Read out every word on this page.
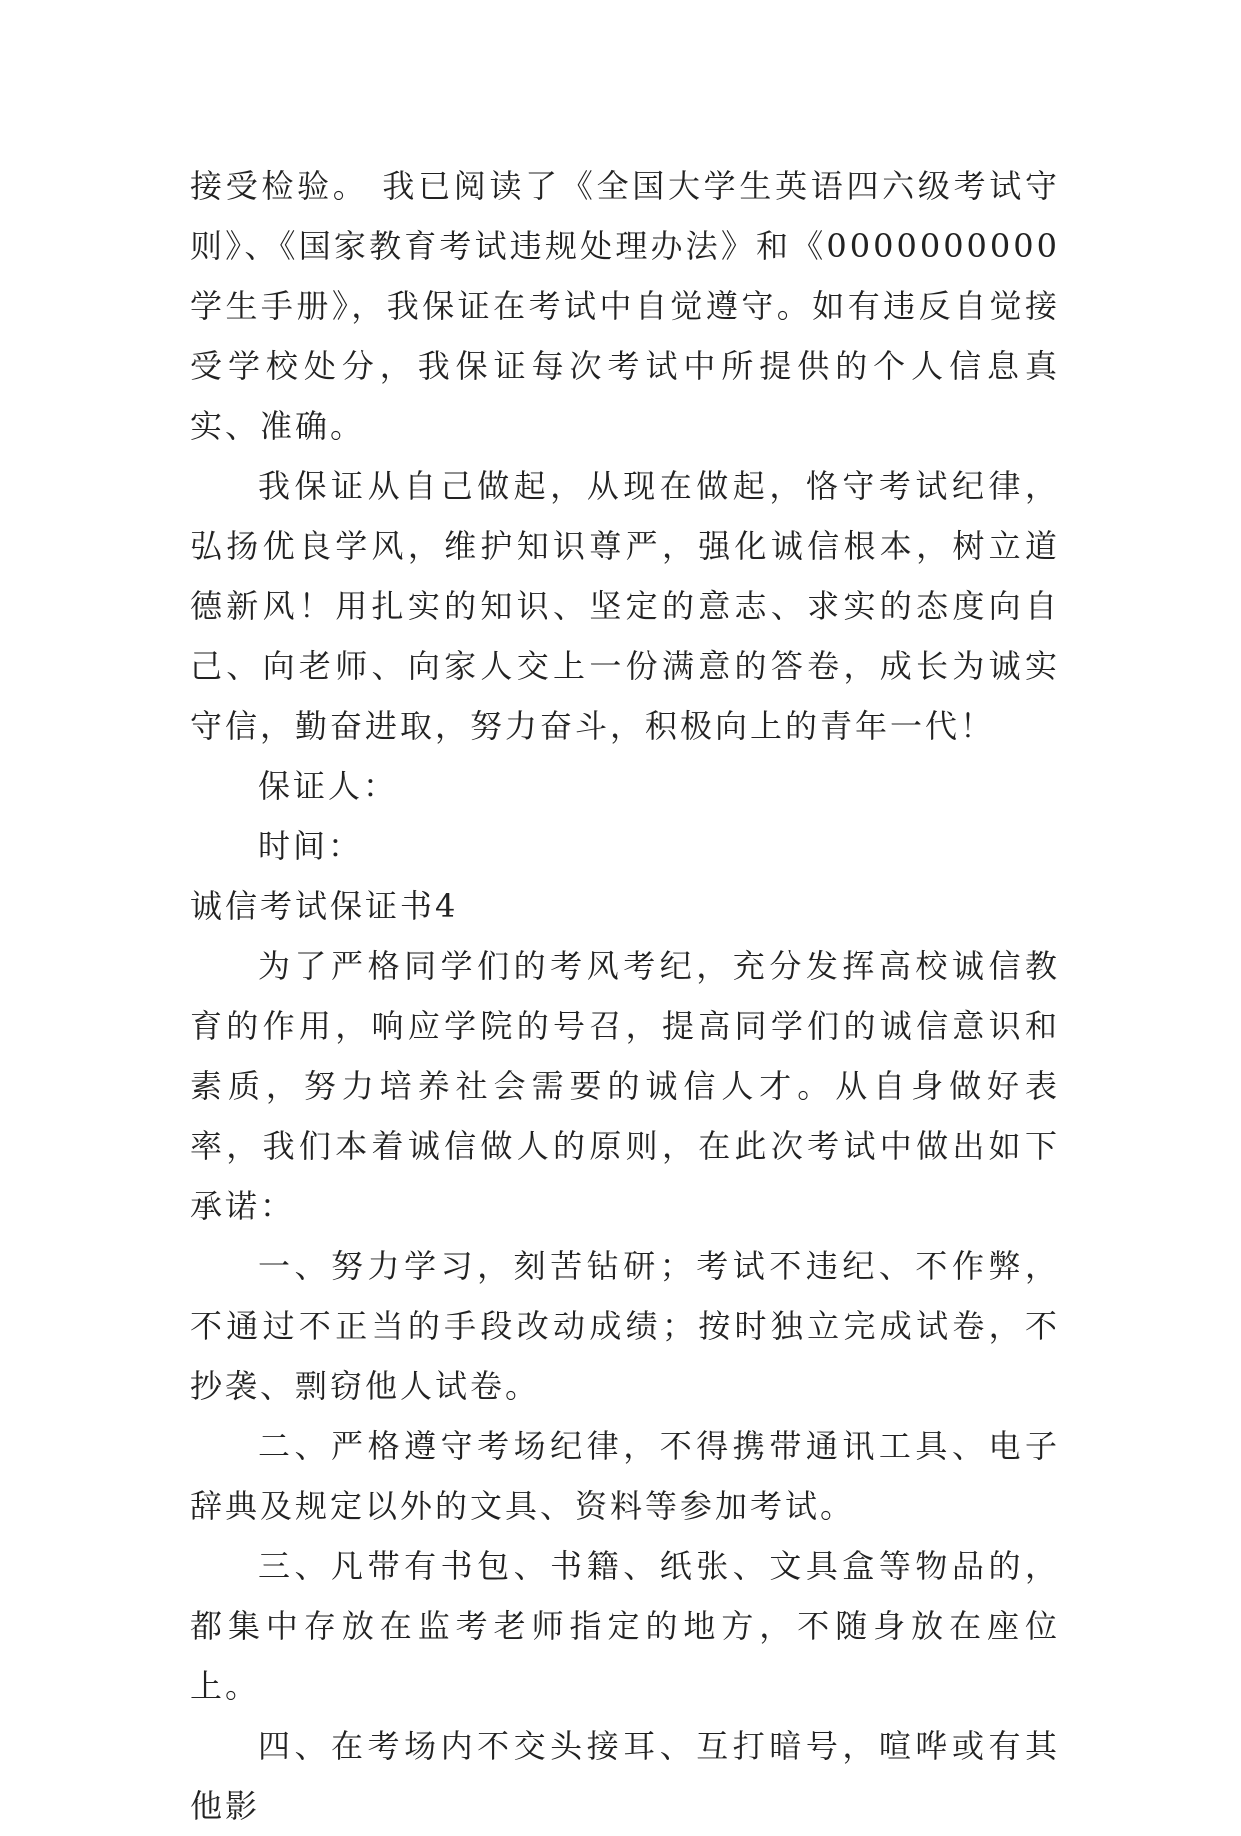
接受检验。 我已阅读了《全国大学生英语四六级考试守则》、《国家教育考试违规处理办法》和《0000000000学生手册》，我保证在考试中自觉遵守。如有违反自觉接受学校处分，我保证每次考试中所提供的个人信息真实、准确。

我保证从自己做起，从现在做起，恪守考试纪律，弘扬优良学风，维护知识尊严，强化诚信根本，树立道德新风！用扎实的知识、坚定的意志、求实的态度向自己、向老师、向家人交上一份满意的答卷，成长为诚实守信，勤奋进取，努力奋斗，积极向上的青年一代！

保证人：

时间：

诚信考试保证书4

为了严格同学们的考风考纪，充分发挥高校诚信教育的作用，响应学院的号召，提高同学们的诚信意识和素质，努力培养社会需要的诚信人才。从自身做好表率，我们本着诚信做人的原则，在此次考试中做出如下承诺：

一、努力学习，刻苦钻研；考试不违纪、不作弊，不通过不正当的手段改动成绩；按时独立完成试卷，不抄袭、剽窃他人试卷。

二、严格遵守考场纪律，不得携带通讯工具、电子辞典及规定以外的文具、资料等参加考试。

三、凡带有书包、书籍、纸张、文具盒等物品的，都集中存放在监考老师指定的地方，不随身放在座位上。

四、在考场内不交头接耳、互打暗号，喧哗或有其他影
